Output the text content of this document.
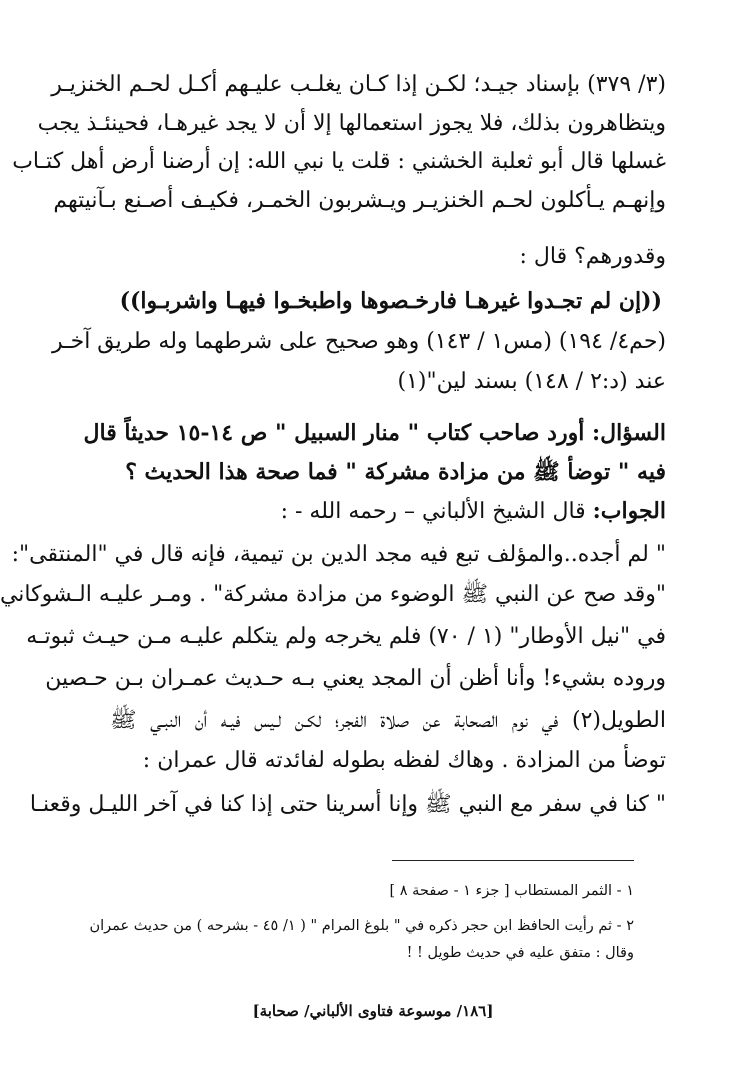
(٣/ ٣٧٩) بإسناد جيـد؛ لكـن إذا كـان يغلـب عليـهم أكـل لحـم الخنزيـر
ويتظاهرون بذلك، فلا يجوز استعمالها إلا أن لا يجد غيرهـا، فحينئـذ يجب
غسلها قال أبو ثعلبة الخشني : قلت يا نبي الله: إن أرضنا أرض أهل كتـاب
وإنهـم يـأكلون لحـم الخنزيـر ويـشربون الخمـر، فكيـف أصـنع بـآنيتهم
وقدورهم؟ قال :
((إن لم تجـدوا غيرهـا فارخـصوها واطبخـوا فيهـا واشربـوا))
(حم٤/ ١٩٤) (مس١ / ١٤٣) وهو صحيح على شرطهما وله طريق آخـر
عند (د:٢ / ١٤٨) بسند لين"(١)
السؤال: أورد صاحب كتاب " منار السبيل " ص ١٤-١٥ حديثاً قال
فيه " توضأ ﷺ من مزادة مشركة " فما صحة هذا الحديث ؟
الجواب: قال الشيخ الألباني – رحمه الله - :
" لم أجده..والمؤلف تبع فيه مجد الدين بن تيمية، فإنه قال في "المنتقى":
"وقد صح عن النبي ﷺ الوضوء من مزادة مشركة" . ومـر عليـه الـشوكاني
في "نيل الأوطار" (١ / ٧٠) فلم يخرجه ولم يتكلم عليـه مـن حيـث ثبوتـه
وروده بشيء! وأنا أظن أن المجد يعني بـه حـديث عمـران بـن حـصين
الطويل(٢) في نوم الصحابة عن صلاة الفجر؛ لكـن لـيس فيـه أن النبـي ﷺ
توضأ من المزادة . وهاك لفظه بطوله لفائدته قال عمران :
" كنا في سفر مع النبي ﷺ وإنا أسرينا حتى إذا كنا في آخر الليـل وقعنـا
١ - الثمر المستطاب [ جزء ١ - صفحة ٨ ]
٢ - ثم رأيت الحافظ ابن حجر ذكره في " بلوغ المرام " ( ١/ ٤٥ - بشرحه ) من حديث عمران
وقال : متفق عليه في حديث طويل ! !
[١٨٦/ موسوعة فتاوى الألباني/ صحابة]
